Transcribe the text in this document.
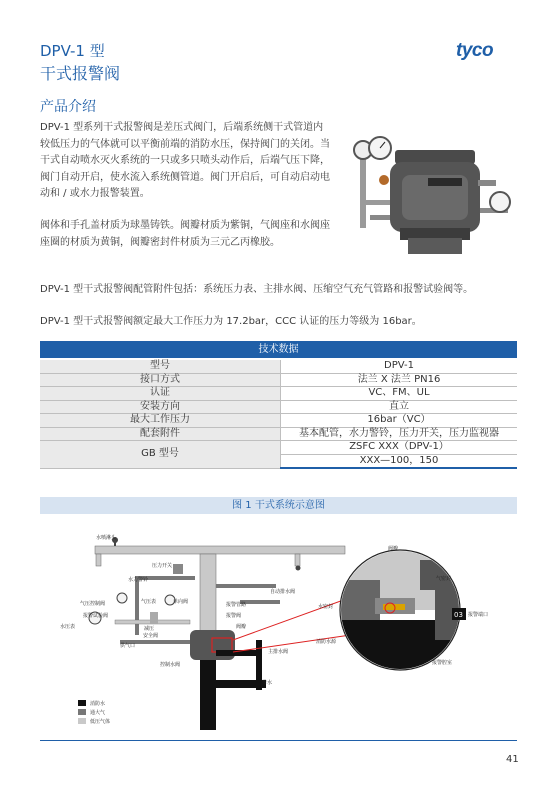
DPV-1 型
干式报警阀
tyco
产品介绍
DPV-1 型系列干式报警阀是差压式阀门，后端系统侧干式管道内较低压力的气体就可以平衡前端的消防水压，保持阀门的关闭。当干式自动喷水灭火系统的一只或多只喷头动作后，后端气压下降，阀门自动开启，使水流入系统侧管道。阀门开启后，可自动启动电动和 / 或水力报警装置。
阀体和手孔盖材质为球墨铸铁。阀瓣材质为紫铜，气阀座和水阀座座圈的材质为黄铜，阀瓣密封件材质为三元乙丙橡胶。
DPV-1 型干式报警阀配管附件包括：系统压力表、主排水阀、压缩空气充气管路和报警试验阀等。
DPV-1 型干式报警阀额定最大工作压力为 17.2bar，CCC 认证的压力等级为 16bar。
技术数据
型号	DPV-1
接口方式	法兰 X 法兰 PN16
认证	VC、FM、UL
安装方向	直立
最大工作压力	16bar（VC）
配套附件	基本配管，水力警铃，压力开关，压力监视器
GB 型号	ZSFC XXX（DPV-1）
	XXX—100，150
图 1 干式系统示意图
03
水喷淋头
压力开关
水力警铃
报警管路
自动排水阀
气压表	单向阀
减压
供气口
安全阀
气压控制阀
水压表
报警试验阀	报警阀
阀瓣
主排水阀
控制水阀
排水
阀瓣
气密封
水密封
消防水源
报警端口
报警腔室
消防水
通大气
低压气体
41
